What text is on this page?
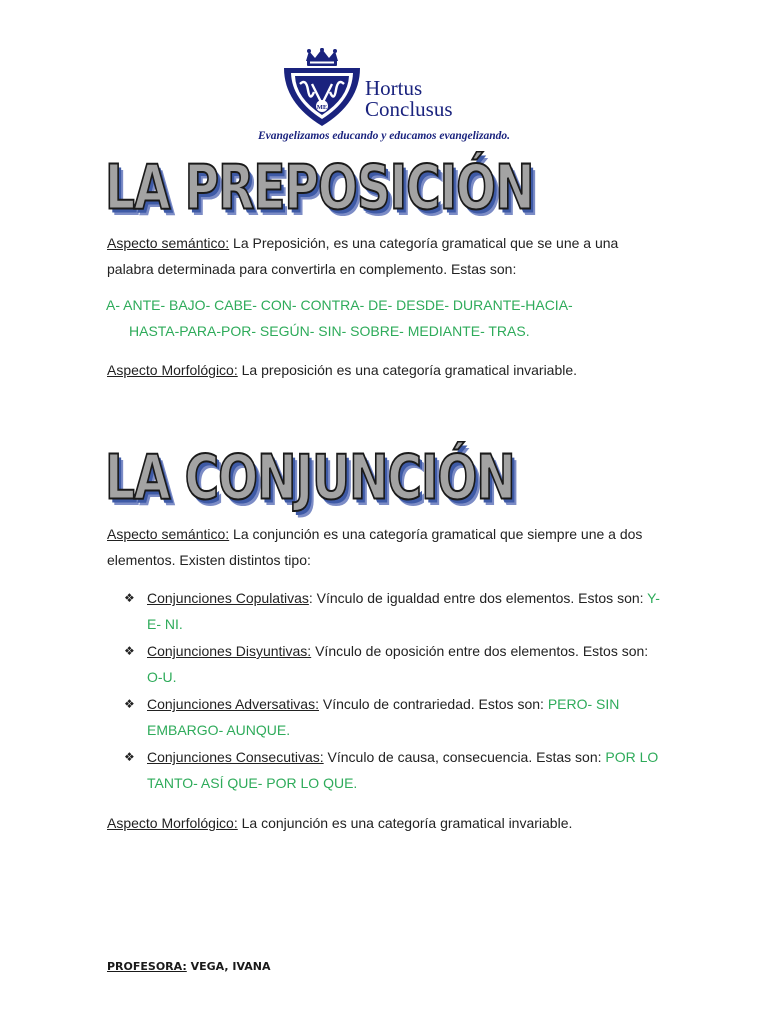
ME
Hortus
Conclusus
Evangelizamos educando y educamos evangelizando.
LA PREPOSICIÓN

Aspecto semántico: La Preposición, es una categoría gramatical que se une a una palabra determinada para convertirla en complemento. Estas son:

A- ANTE- BAJO- CABE- CON- CONTRA- DE- DESDE- DURANTE-HACIA-
HASTA-PARA-POR- SEGÚN- SIN- SOBRE- MEDIANTE- TRAS.

Aspecto Morfológico: La preposición es una categoría gramatical invariable.

LA CONJUNCIÓN

Aspecto semántico: La conjunción es una categoría gramatical que siempre une a dos elementos. Existen distintos tipo:

❖ Conjunciones Copulativas: Vínculo de igualdad entre dos elementos. Estos son: Y- E- NI.
❖ Conjunciones Disyuntivas: Vínculo de oposición entre dos elementos. Estos son: O-U.
❖ Conjunciones Adversativas: Vínculo de contrariedad. Estos son: PERO- SIN EMBARGO- AUNQUE.
❖ Conjunciones Consecutivas: Vínculo de causa, consecuencia. Estas son: POR LO TANTO- ASÍ QUE- POR LO QUE.

Aspecto Morfológico: La conjunción es una categoría gramatical invariable.

PROFESORA: VEGA, IVANA
